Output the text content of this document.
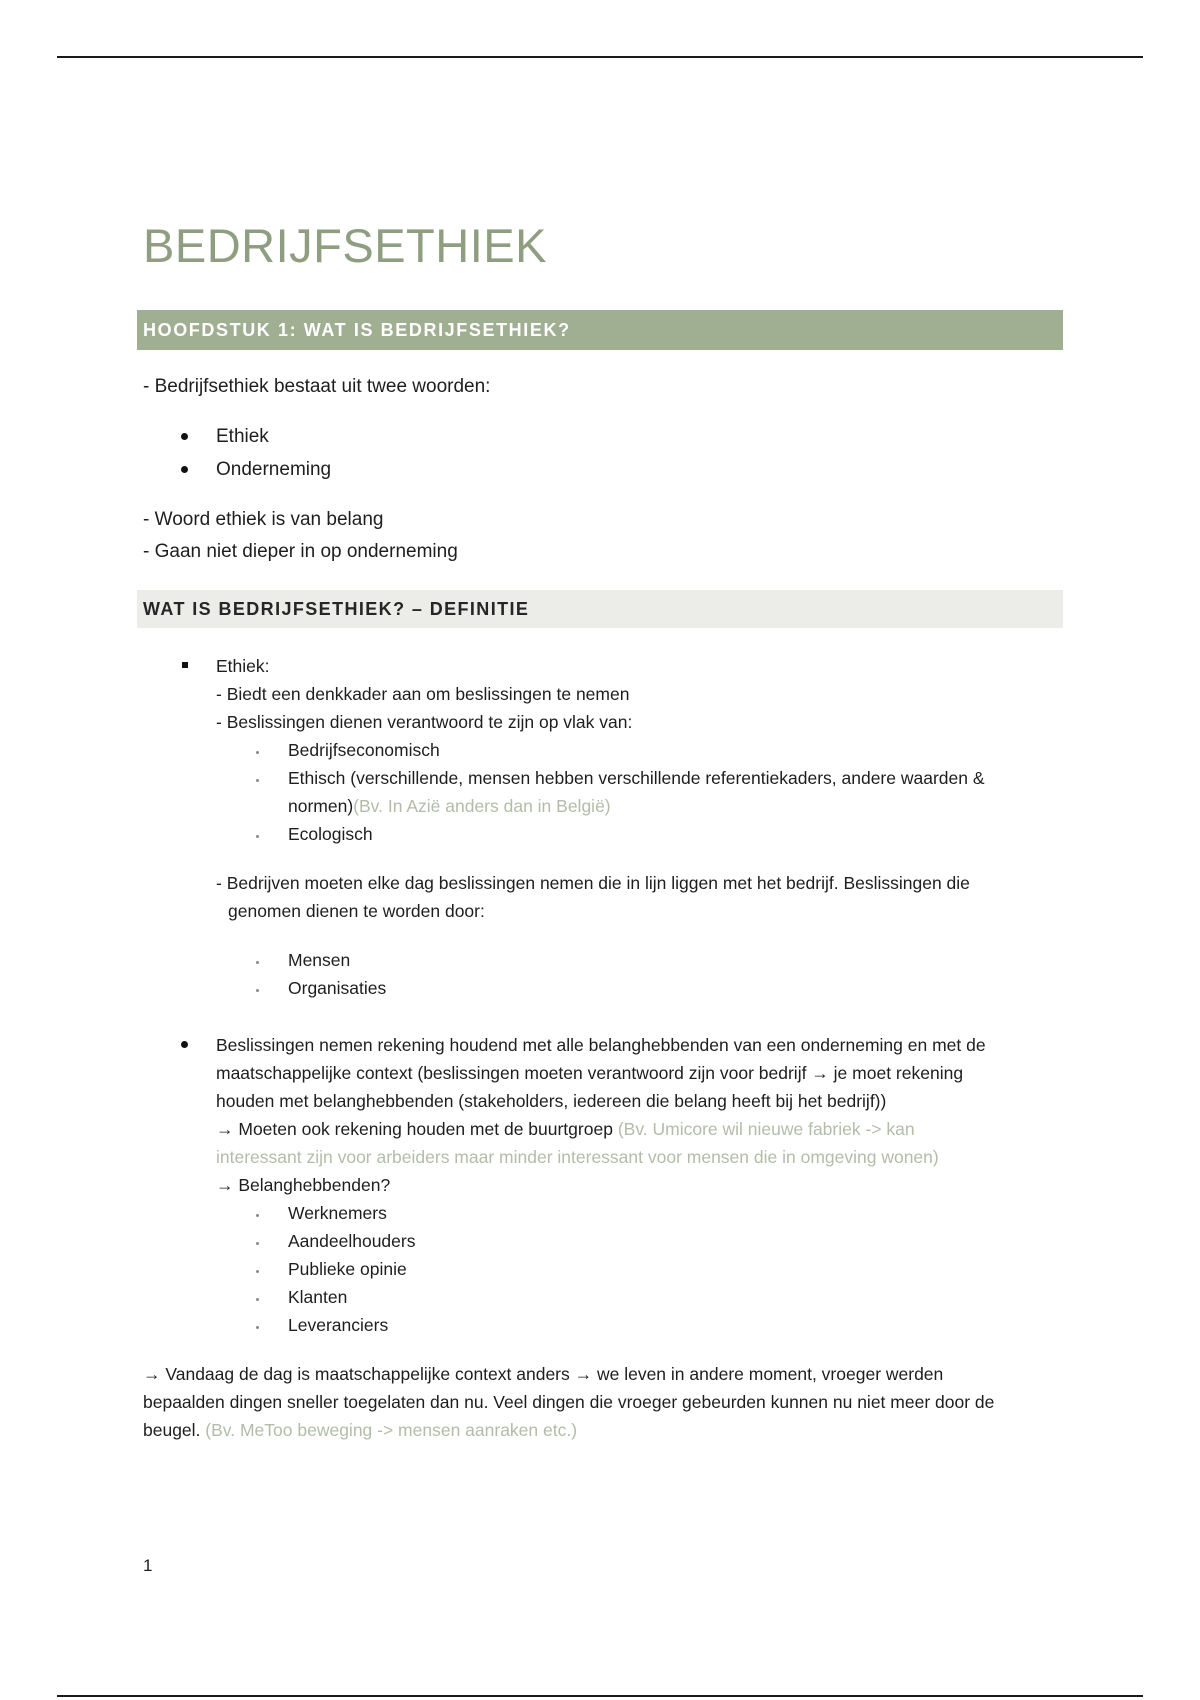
BEDRIJFSETHIEK
HOOFDSTUK 1: WAT IS BEDRIJFSETHIEK?
- Bedrijfsethiek bestaat uit twee woorden:
Ethiek
Onderneming
- Woord ethiek is van belang
- Gaan niet dieper in op onderneming
WAT IS BEDRIJFSETHIEK? – DEFINITIE
Ethiek:
- Biedt een denkkader aan om beslissingen te nemen
- Beslissingen dienen verantwoord te zijn op vlak van:
Bedrijfseconomisch
Ethisch (verschillende, mensen hebben verschillende referentiekaders, andere waarden &
normen)(Bv. In Azië anders dan in België)
Ecologisch
- Bedrijven moeten elke dag beslissingen nemen die in lijn liggen met het bedrijf. Beslissingen die
genomen dienen te worden door:
Mensen
Organisaties
Beslissingen nemen rekening houdend met alle belanghebbenden van een onderneming en met de
maatschappelijke context (beslissingen moeten verantwoord zijn voor bedrijf → je moet rekening
houden met belanghebbenden (stakeholders, iedereen die belang heeft bij het bedrijf))
→ Moeten ook rekening houden met de buurtgroep (Bv. Umicore wil nieuwe fabriek -> kan
interessant zijn voor arbeiders maar minder interessant voor mensen die in omgeving wonen)
→ Belanghebbenden?
Werknemers
Aandeelhouders
Publieke opinie
Klanten
Leveranciers
→ Vandaag de dag is maatschappelijke context anders → we leven in andere moment, vroeger werden
bepaalden dingen sneller toegelaten dan nu. Veel dingen die vroeger gebeurden kunnen nu niet meer door de
beugel. (Bv. MeToo beweging -> mensen aanraken etc.)
1
